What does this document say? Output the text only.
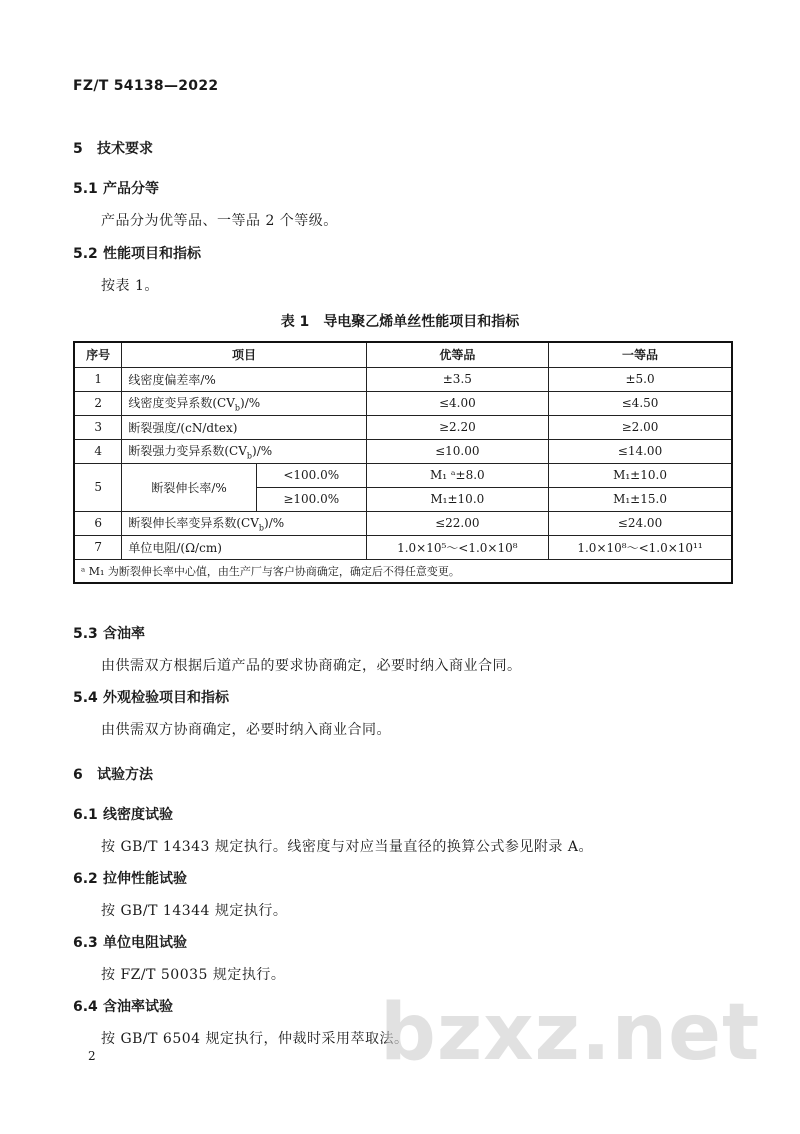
FZ/T 54138—2022
5 技术要求
5.1 产品分等
产品分为优等品、一等品 2 个等级。
5.2 性能项目和指标
按表 1。
表 1 导电聚乙烯单丝性能项目和指标
序号	项目		优等品	一等品
1	线密度偏差率/%		±3.5	±5.0
2	线密度变异系数$(CV_b)/\%$		≤4.00	≤4.50
3	断裂强度/(cN/dtex)		≥2.20	≥2.00
4	断裂强力变异系数$(CV_b)/\%$		≤10.00	≤14.00
5	断裂伸长率/%	<100.0%	M₁ ᵃ±8.0	M₁±10.0
		≥100.0%	M₁±10.0	M₁±15.0
6	断裂伸长率变异系数$(CV_b)/\%$		≤22.00	≤24.00
7	单位电阻/(Ω/cm)		1.0×10⁵～<1.0×10⁸	1.0×10⁸～<1.0×10¹¹
ᵃ M₁ 为断裂伸长率中心值，由生产厂与客户协商确定，确定后不得任意变更。				
5.3 含油率
由供需双方根据后道产品的要求协商确定，必要时纳入商业合同。
5.4 外观检验项目和指标
由供需双方协商确定，必要时纳入商业合同。
6 试验方法
6.1 线密度试验
按 GB/T 14343 规定执行。线密度与对应当量直径的换算公式参见附录 A。
6.2 拉伸性能试验
按 GB/T 14344 规定执行。
6.3 单位电阻试验
按 FZ/T 50035 规定执行。
6.4 含油率试验
按 GB/T 6504 规定执行，仲裁时采用萃取法。
2	bzxz.net
